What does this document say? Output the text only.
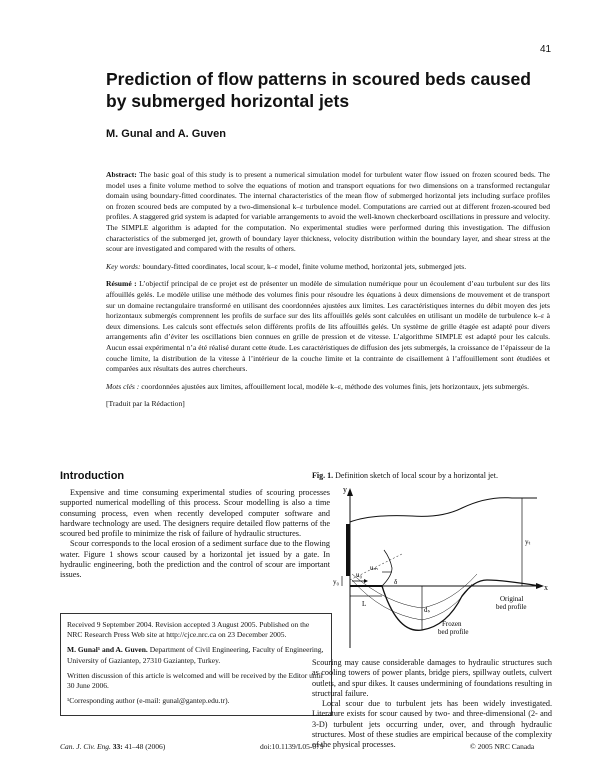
41
Prediction of flow patterns in scoured beds caused by submerged horizontal jets
M. Gunal and A. Guven

Abstract: The basic goal of this study is to present a numerical simulation model for turbulent water flow issued on frozen scoured beds. The model uses a finite volume method to solve the equations of motion and transport equations for two dimensions on a transformed rectangular domain using boundary-fitted coordinates. The internal characteristics of the mean flow of submerged horizontal jets including surface profiles on frozen scoured beds are computed by a two-dimensional k–ε turbulence model. Computations are carried out at different frozen-scoured bed profiles. A staggered grid system is adapted for variable arrangements to avoid the well-known checkerboard oscillations in pressure and velocity. The SIMPLE algorithm is adapted for the computation. No experimental studies were performed during this investigation. The diffusion characteristics of the submerged jet, growth of boundary layer thickness, velocity distribution within the boundary layer, and shear stress at the scour are investigated and compared with the results of others.

Key words: boundary-fitted coordinates, local scour, k–ε model, finite volume method, horizontal jets, submerged jets.

Résumé : L’objectif principal de ce projet est de présenter un modèle de simulation numérique pour un écoulement d’eau turbulent sur des lits affouillés gelés. Le modèle utilise une méthode des volumes finis pour résoudre les équations à deux dimensions de mouvement et de transport sur un domaine rectangulaire transformé en utilisant des coordonnées ajustées aux limites. Les caractéristiques internes du débit moyen des jets horizontaux submergés comprennent les profils de surface sur des lits affouillés gelés sont calculées en utilisant un modèle de turbulence k–ε à deux dimensions. Les calculs sont effectués selon différents profils de lits affouillés gelés. Un système de grille étagée est adapté pour divers arrangements afin d’éviter les oscillations bien connues en grille de pression et de vitesse. L’algorithme SIMPLE est adapté pour les calculs. Aucun essai expérimental n’a été réalisé durant cette étude. Les caractéristiques de diffusion des jets submergés, la croissance de l’épaisseur de la couche limite, la distribution de la vitesse à l’intérieur de la couche limite et la contrainte de cisaillement à l’affouillement sont étudiées et comparées aux résultats des autres chercheurs.

Mots clés : coordonnées ajustées aux limites, affouillement local, modèle k–ε, méthode des volumes finis, jets horizontaux, jets submergés.

[Traduit par la Rédaction]

Introduction

Expensive and time consuming experimental studies of scouring processes supported numerical modelling of this process. Scour modelling is also a time consuming process, even when recently developed computer software and hardware technology are used. The designers require detailed flow patterns of the scoured bed profile to minimize the risk of failure of hydraulic structures.

Scour corresponds to the local erosion of a sediment surface due to the flowing water. Figure 1 shows scour caused by a horizontal jet issued by a gate. In hydraulic engineering, both the prediction and the control of scour are important issues.

Received 9 September 2004. Revision accepted 3 August 2005. Published on the NRC Research Press Web site at http://cjce.nrc.ca on 23 December 2005.

M. Gunal¹ and A. Guven. Department of Civil Engineering, Faculty of Engineering, University of Gaziantep, 27310 Gaziantep, Turkey.

Written discussion of this article is welcomed and will be received by the Editor until 30 June 2006.

¹Corresponding author (e-mail: gunal@gantep.edu.tr).

Fig. 1. Definition sketch of local scour by a horizontal jet.
y
x
y₀
u₀
uₘ
δ
dₛ
L
yₜ
Frozen
bed profile
Original
bed profile

Scouring may cause considerable damages to hydraulic structures such as cooling towers of power plants, bridge piers, spillway outlets, culvert outlets, and spur dikes. It causes undermining of foundations resulting in structural failure.

Local scour due to turbulent jets has been widely investigated. Literature exists for scour caused by two- and three-dimensional (2- and 3-D) turbulent jets occurring under, over, and through hydraulic structures. Most of these studies are empirical because of the complexity of the physical processes.

Can. J. Civ. Eng. 33: 41–48 (2006)	doi:10.1139/L05-079	© 2005 NRC Canada
